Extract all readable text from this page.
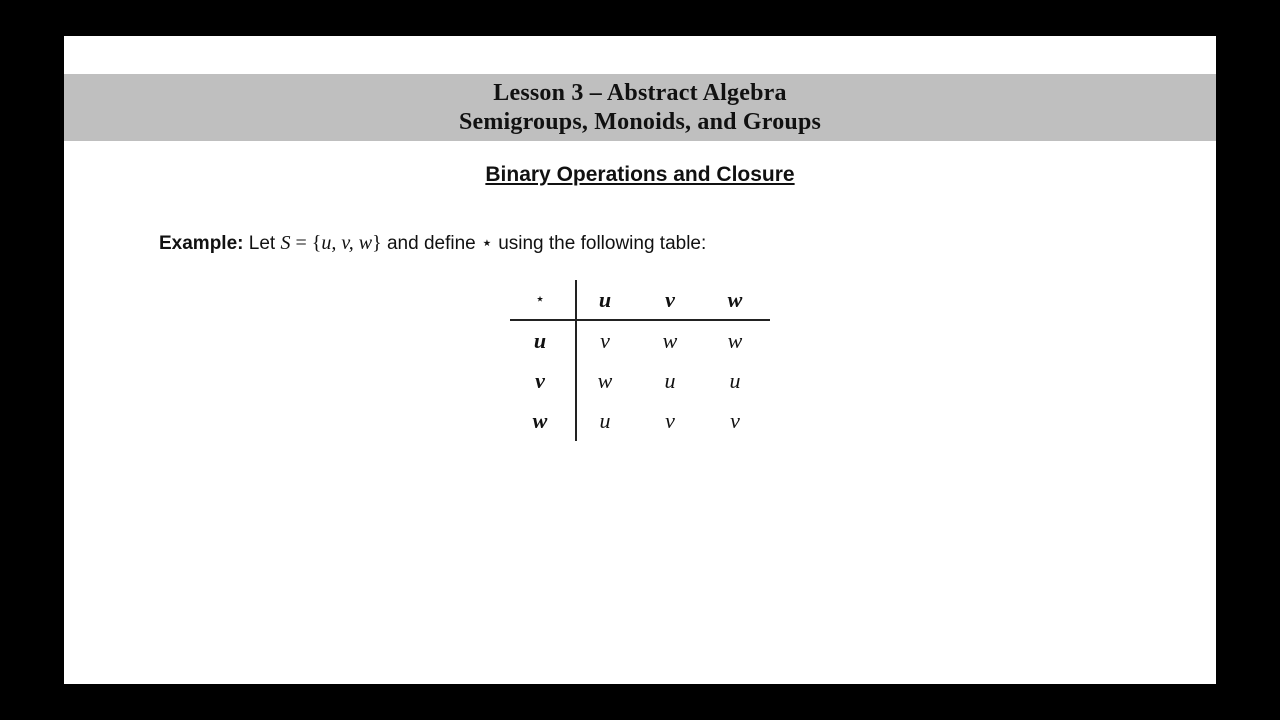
Lesson 3 – Abstract Algebra
Semigroups, Monoids, and Groups
Binary Operations and Closure
Example: Let S = {u, v, w} and define ⋆ using the following table:
⋆	u	v	w
u	v	w	w
v	w	u	u
w	u	v	v
